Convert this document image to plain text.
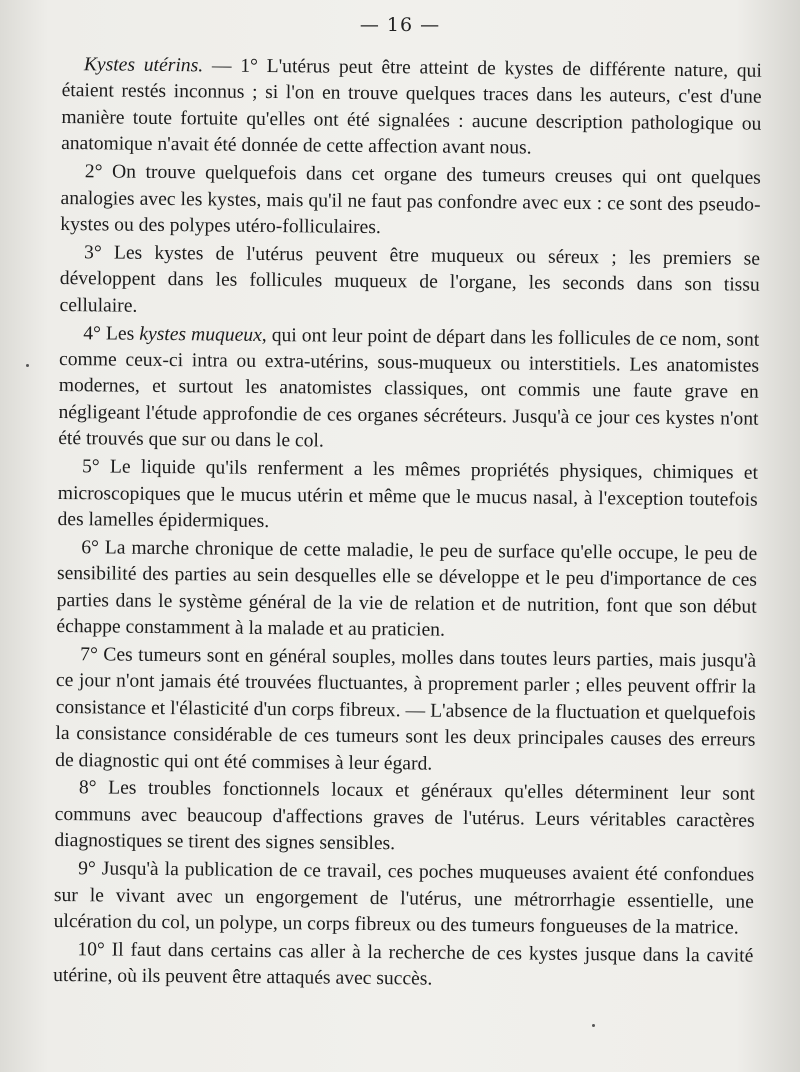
— 16 —

Kystes utérins. — 1° L'utérus peut être atteint de kystes de différente nature, qui étaient restés inconnus ; si l'on en trouve quelques traces dans les auteurs, c'est d'une manière toute fortuite qu'elles ont été signalées : aucune description pathologique ou anatomique n'avait été donnée de cette affection avant nous.

2° On trouve quelquefois dans cet organe des tumeurs creuses qui ont quelques analogies avec les kystes, mais qu'il ne faut pas confondre avec eux : ce sont des pseudo-kystes ou des polypes utéro-folliculaires.

3° Les kystes de l'utérus peuvent être muqueux ou séreux ; les premiers se développent dans les follicules muqueux de l'organe, les seconds dans son tissu cellulaire.

4° Les kystes muqueux, qui ont leur point de départ dans les follicules de ce nom, sont comme ceux-ci intra ou extra-utérins, sous-muqueux ou interstitiels. Les anatomistes modernes, et surtout les anatomistes classiques, ont commis une faute grave en négligeant l'étude approfondie de ces organes sécréteurs. Jusqu'à ce jour ces kystes n'ont été trouvés que sur ou dans le col.

5° Le liquide qu'ils renferment a les mêmes propriétés physiques, chimiques et microscopiques que le mucus utérin et même que le mucus nasal, à l'exception toutefois des lamelles épidermiques.

6° La marche chronique de cette maladie, le peu de surface qu'elle occupe, le peu de sensibilité des parties au sein desquelles elle se développe et le peu d'importance de ces parties dans le système général de la vie de relation et de nutrition, font que son début échappe constamment à la malade et au praticien.

7° Ces tumeurs sont en général souples, molles dans toutes leurs parties, mais jusqu'à ce jour n'ont jamais été trouvées fluctuantes, à proprement parler ; elles peuvent offrir la consistance et l'élasticité d'un corps fibreux. — L'absence de la fluctuation et quelquefois la consistance considérable de ces tumeurs sont les deux principales causes des erreurs de diagnostic qui ont été commises à leur égard.

8° Les troubles fonctionnels locaux et généraux qu'elles déterminent leur sont communs avec beaucoup d'affections graves de l'utérus. Leurs véritables caractères diagnostiques se tirent des signes sensibles.

9° Jusqu'à la publication de ce travail, ces poches muqueuses avaient été confondues sur le vivant avec un engorgement de l'utérus, une métrorrhagie essentielle, une ulcération du col, un polype, un corps fibreux ou des tumeurs fongueuses de la matrice.

10° Il faut dans certains cas aller à la recherche de ces kystes jusque dans la cavité utérine, où ils peuvent être attaqués avec succès.
